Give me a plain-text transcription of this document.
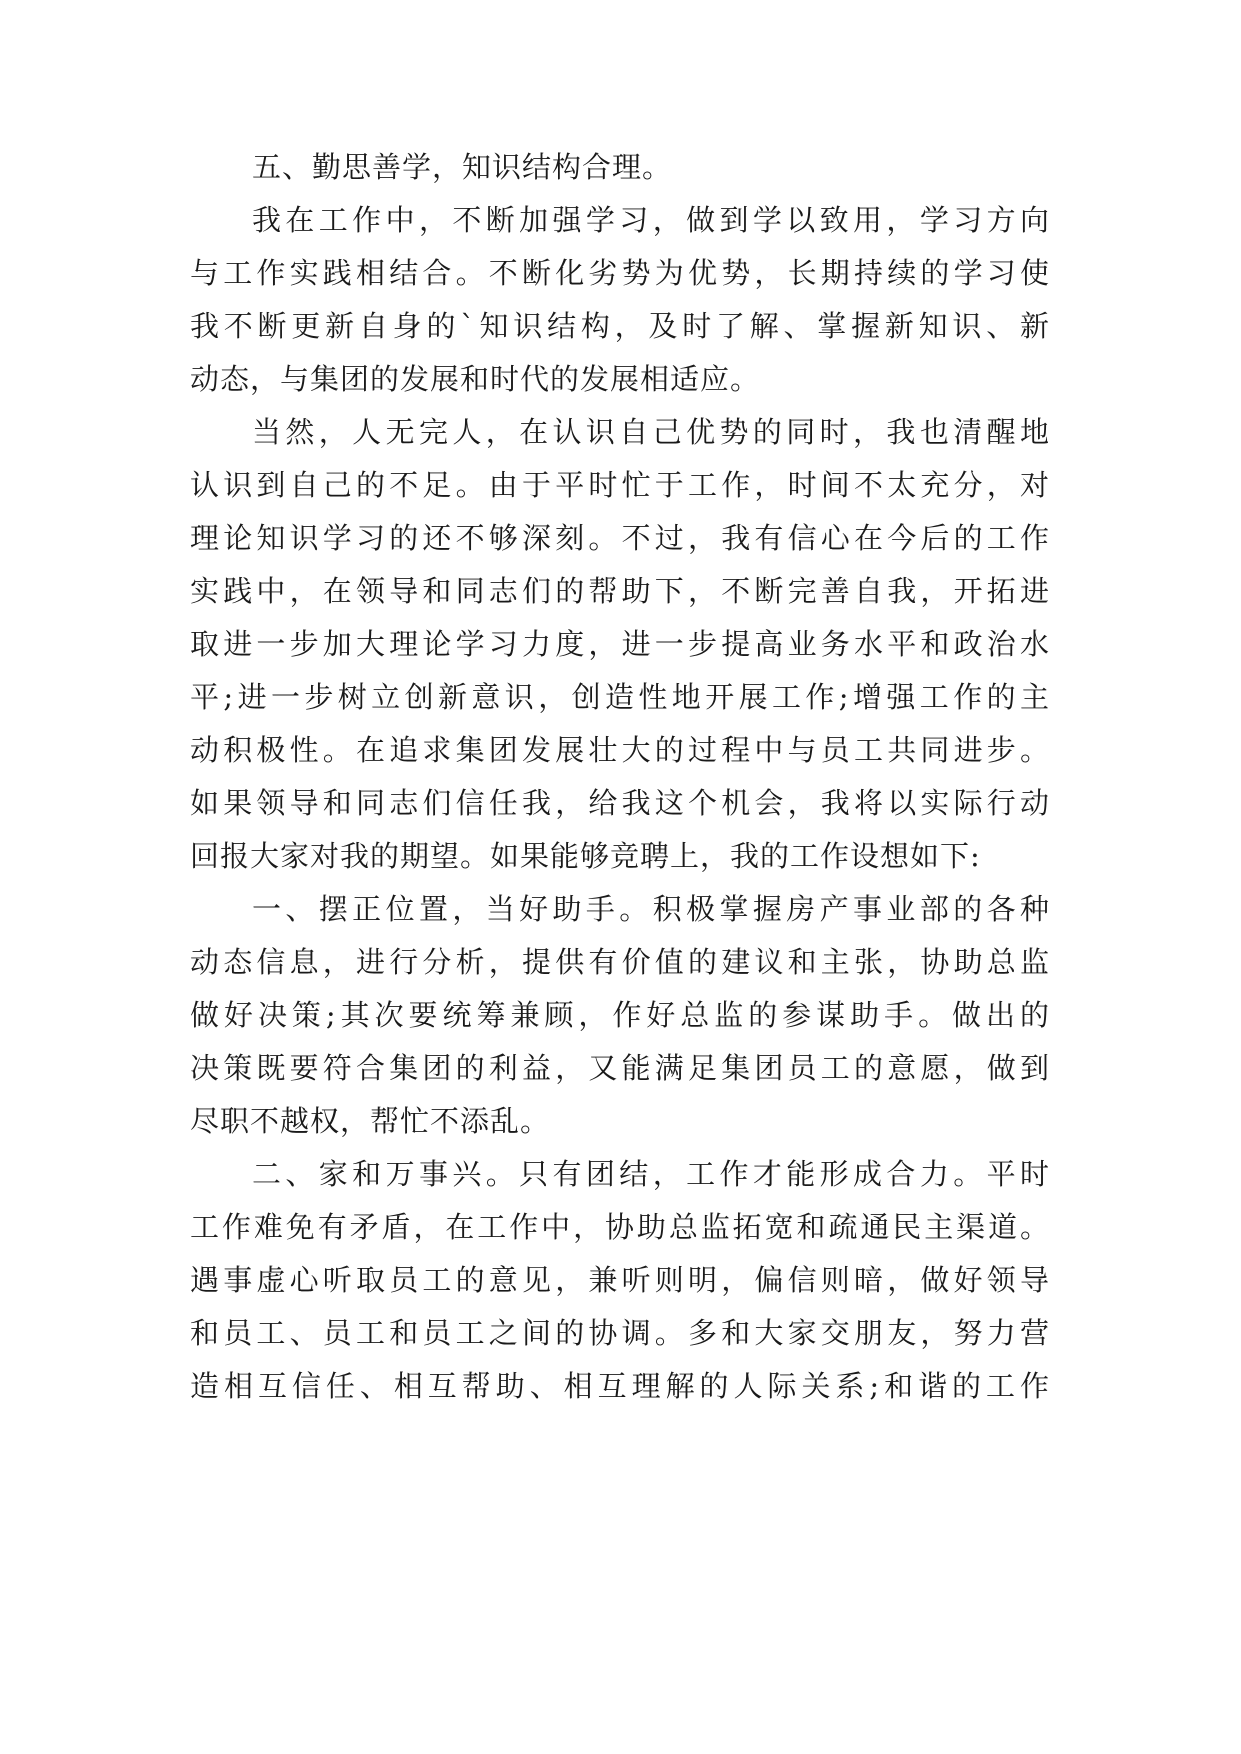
五、勤思善学，知识结构合理。
我在工作中，不断加强学习，做到学以致用，学习方向
与工作实践相结合。不断化劣势为优势，长期持续的学习使
我不断更新自身的`知识结构，及时了解、掌握新知识、新
动态，与集团的发展和时代的发展相适应。
当然，人无完人，在认识自己优势的同时，我也清醒地
认识到自己的不足。由于平时忙于工作，时间不太充分，对
理论知识学习的还不够深刻。不过，我有信心在今后的工作
实践中，在领导和同志们的帮助下，不断完善自我，开拓进
取进一步加大理论学习力度，进一步提高业务水平和政治水
平;进一步树立创新意识，创造性地开展工作;增强工作的主
动积极性。在追求集团发展壮大的过程中与员工共同进步。
如果领导和同志们信任我，给我这个机会，我将以实际行动
回报大家对我的期望。如果能够竞聘上，我的工作设想如下:
一、摆正位置，当好助手。积极掌握房产事业部的各种
动态信息，进行分析，提供有价值的建议和主张，协助总监
做好决策;其次要统筹兼顾，作好总监的参谋助手。做出的
决策既要符合集团的利益，又能满足集团员工的意愿，做到
尽职不越权，帮忙不添乱。
二、家和万事兴。只有团结，工作才能形成合力。平时
工作难免有矛盾，在工作中，协助总监拓宽和疏通民主渠道。
遇事虚心听取员工的意见，兼听则明，偏信则暗，做好领导
和员工、员工和员工之间的协调。多和大家交朋友，努力营
造相互信任、相互帮助、相互理解的人际关系;和谐的工作
